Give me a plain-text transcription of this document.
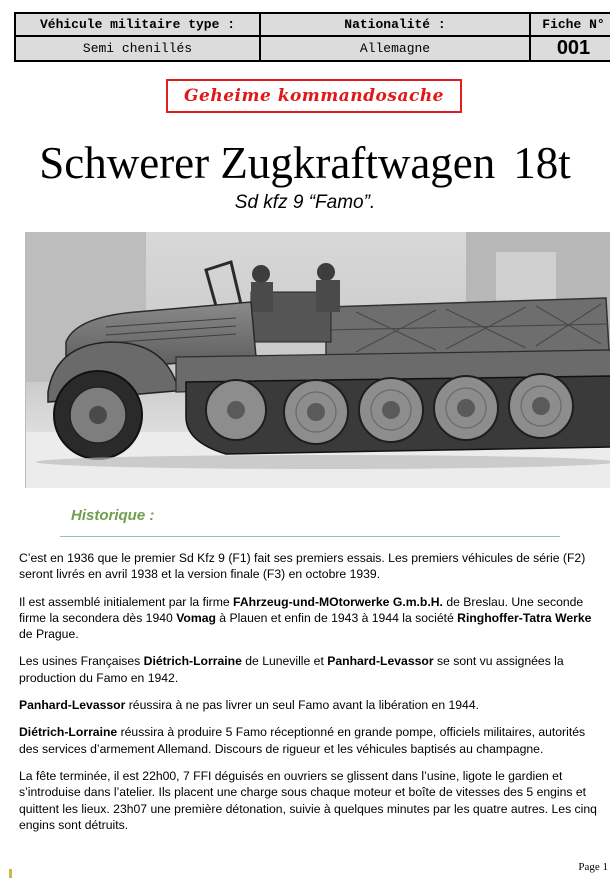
Véhicule militaire type :	Nationalité :	Fiche N°
Semi chenillés	Allemagne	001
Geheime kommandosache
Schwerer Zugkraftwagen 18t
Sd kfz 9 “Famo”.
Historique :

C’est en 1936 que le premier Sd Kfz 9 (F1) fait ses premiers essais. Les premiers véhicules de série (F2) seront livrés en avril 1938 et la version finale (F3) en octobre 1939.

Il est assemblé initialement par la firme FAhrzeug-und-MOtorwerke G.m.b.H. de Breslau. Une seconde firme la secondera dès 1940 Vomag à Plauen et enfin de 1943 à 1944 la société Ringhoffer-Tatra Werke de Prague.

Les usines Françaises Diétrich-Lorraine de Luneville et Panhard-Levassor se sont vu assignées la production du Famo en 1942.

Panhard-Levassor réussira à ne pas livrer un seul Famo avant la libération en 1944.

Diétrich-Lorraine réussira à produire 5 Famo réceptionné en grande pompe, officiels militaires, autorités des services d’armement Allemand. Discours de rigueur et les véhicules baptisés au champagne.

La fête terminée, il est 22h00, 7 FFI déguisés en ouvriers se glissent dans l’usine, ligote le gardien et s’introduise dans l’atelier. Ils placent une charge sous chaque moteur et boîte de vitesses des 5 engins et quittent les lieux. 23h07 une première détonation, suivie à quelques minutes par les quatre autres. Les cinq engins sont détruits.

Page 1
